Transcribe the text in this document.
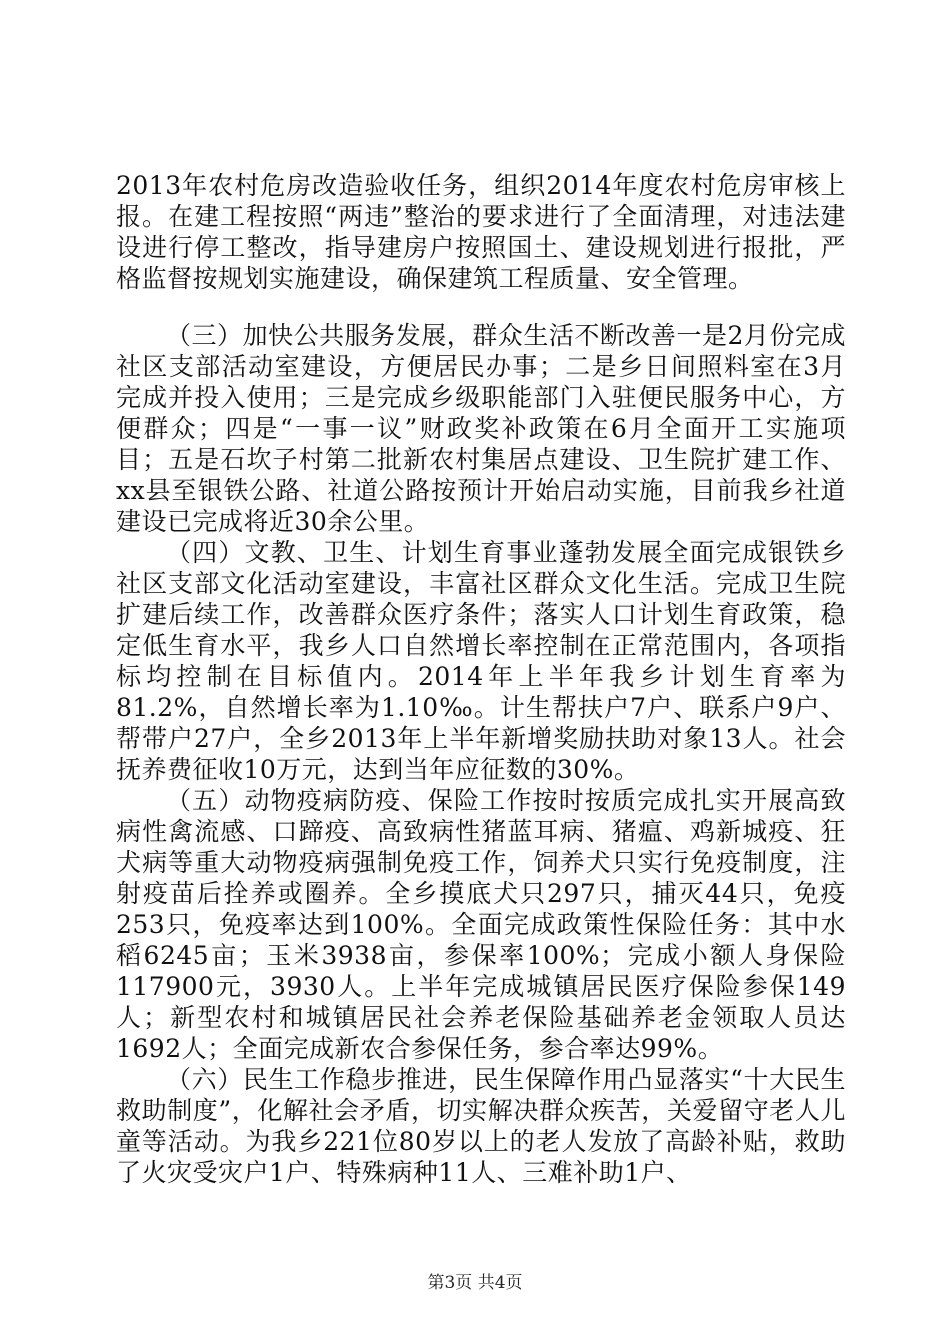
2013年农村危房改造验收任务，组织2014年度农村危房审核上报。在建工程按照“两违”整治的要求进行了全面清理，对违法建设进行停工整改，指导建房户按照国土、建设规划进行报批，严格监督按规划实施建设，确保建筑工程质量、安全管理。

（三）加快公共服务发展，群众生活不断改善一是2月份完成社区支部活动室建设，方便居民办事；二是乡日间照料室在3月完成并投入使用；三是完成乡级职能部门入驻便民服务中心，方便群众；四是“一事一议”财政奖补政策在6月全面开工实施项目；五是石坎子村第二批新农村集居点建设、卫生院扩建工作、xx县至银铁公路、社道公路按预计开始启动实施，目前我乡社道建设已完成将近30余公里。

（四）文教、卫生、计划生育事业蓬勃发展全面完成银铁乡社区支部文化活动室建设，丰富社区群众文化生活。完成卫生院扩建后续工作，改善群众医疗条件；落实人口计划生育政策，稳定低生育水平，我乡人口自然增长率控制在正常范围内，各项指标均控制在目标值内。2014年上半年我乡计划生育率为81.2%，自然增长率为1.10‰。计生帮扶户7户、联系户9户、帮带户27户，全乡2013年上半年新增奖励扶助对象13人。社会抚养费征收10万元，达到当年应征数的30%。

（五）动物疫病防疫、保险工作按时按质完成扎实开展高致病性禽流感、口蹄疫、高致病性猪蓝耳病、猪瘟、鸡新城疫、狂犬病等重大动物疫病强制免疫工作，饲养犬只实行免疫制度，注射疫苗后拴养或圈养。全乡摸底犬只297只，捕灭44只，免疫253只，免疫率达到100%。全面完成政策性保险任务：其中水稻6245亩；玉米3938亩，参保率100%；完成小额人身保险117900元，3930人。上半年完成城镇居民医疗保险参保149人；新型农村和城镇居民社会养老保险基础养老金领取人员达1692人；全面完成新农合参保任务，参合率达99%。

（六）民生工作稳步推进，民生保障作用凸显落实“十大民生救助制度”，化解社会矛盾，切实解决群众疾苦，关爱留守老人儿童等活动。为我乡221位80岁以上的老人发放了高龄补贴，救助了火灾受灾户1户、特殊病种11人、三难补助1户、

第3页 共4页
